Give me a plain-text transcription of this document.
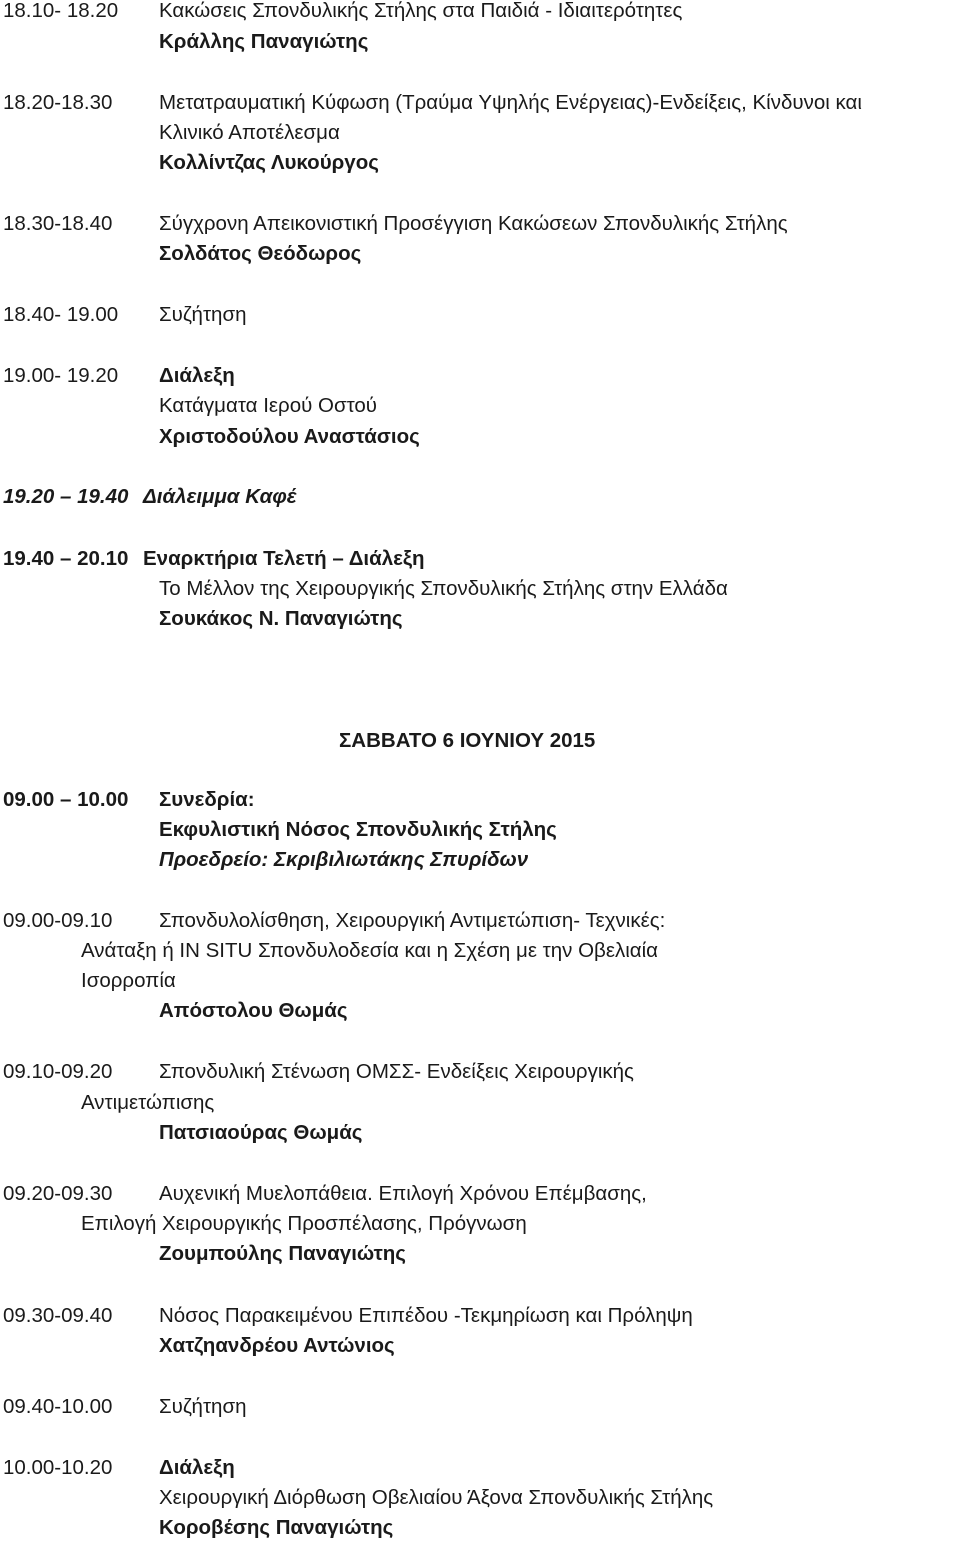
18.10- 18.20 Κακώσεις Σπονδυλικής Στήλης στα Παιδιά - Ιδιαιτερότητες
Κράλλης Παναγιώτης
18.20-18.30 Μετατραυματική Κύφωση (Τραύμα Υψηλής Ενέργειας)-Ενδείξεις, Κίνδυνοι και
Κλινικό Αποτέλεσμα
Κολλίντζας Λυκούργος
18.30-18.40 Σύγχρονη Απεικονιστική Προσέγγιση Κακώσεων Σπονδυλικής Στήλης
Σολδάτος Θεόδωρος
18.40- 19.00 Συζήτηση
19.00- 19.20 Διάλεξη
Κατάγματα Ιερού Οστού
Χριστοδούλου Αναστάσιος
19.20 – 19.40 Διάλειμμα Καφέ
19.40 – 20.10 Εναρκτήρια Τελετή – Διάλεξη
Το Μέλλον της Χειρουργικής Σπονδυλικής Στήλης στην Ελλάδα
Σουκάκος Ν. Παναγιώτης
ΣΑΒΒΑΤΟ 6 ΙΟΥΝΙΟΥ 2015
09.00 – 10.00 Συνεδρία:
Εκφυλιστική Νόσος Σπονδυλικής Στήλης
Προεδρείο: Σκριβιλιωτάκης Σπυρίδων
09.00-09.10 Σπονδυλολίσθηση, Χειρουργική Αντιμετώπιση- Τεχνικές:
Ανάταξη ή IN SITU Σπονδυλοδεσία και η Σχέση με την Οβελιαία
Ισορροπία
Απόστολου Θωμάς
09.10-09.20 Σπονδυλική Στένωση ΟΜΣΣ- Ενδείξεις Χειρουργικής
Αντιμετώπισης
Πατσιαούρας Θωμάς
09.20-09.30 Αυχενική Μυελοπάθεια. Επιλογή Χρόνου Επέμβασης,
Επιλογή Χειρουργικής Προσπέλασης, Πρόγνωση
Ζουμπούλης Παναγιώτης
09.30-09.40 Νόσος Παρακειμένου Επιπέδου -Τεκμηρίωση και Πρόληψη
Χατζηανδρέου Αντώνιος
09.40-10.00 Συζήτηση
10.00-10.20 Διάλεξη
Χειρουργική Διόρθωση Οβελιαίου Άξονα Σπονδυλικής Στήλης
Κοροβέσης Παναγιώτης
